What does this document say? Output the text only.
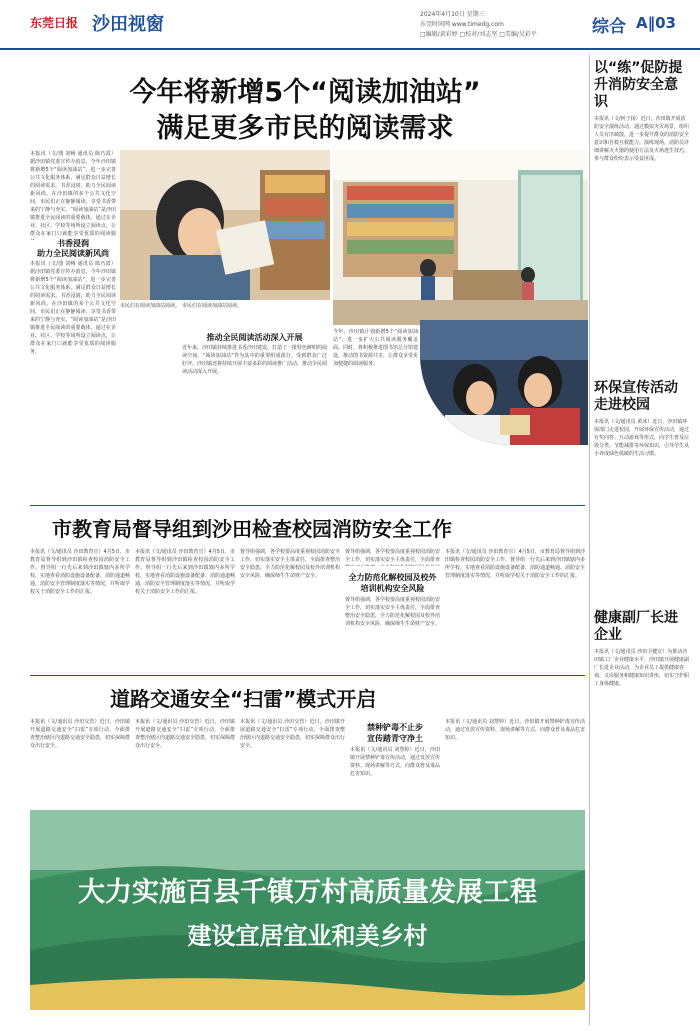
东莞日报 沙田视窗	2024年4月10日 星期三
东莞时间网 www.timedg.com
□编辑/黄彩婷 □校对/刘志坚 □美编/吴彩平	综合 A‖03
今年将新增5个“阅读加油站”
满足更多市民的阅读需求
本报讯（文/图 刘畅 通讯员 陈巧霞）据沙田镇党委宣传办消息，今年沙田镇将新增5个“阅读加油站”，进一步完善公共文化服务体系，满足群众日益增长的阅读需求。书香浸润，助力全民阅读新风尚。在沙田镇的多个公共文化空间，市民们正在静静阅读，享受书香带来的宁静与充实。“阅读加油站”是沙田镇推进全民阅读的重要载体，通过在企业、社区、学校等场所设立阅读点，让群众在家门口就能享受优质的阅读服
书香浸润
助力全民阅读新风尚
本报讯（文/图 刘畅 通讯员 陈巧霞）据沙田镇党委宣传办消息，今年沙田镇将新增5个“阅读加油站”，进一步完善公共文化服务体系，满足群众日益增长的阅读需求。书香浸润，助力全民阅读新风尚。在沙田镇的多个公共文化空间，市民们正在静静阅读，享受书香带来的宁静与充实。“阅读加油站”是沙田镇推进全民阅读的重要载体，通过在企业、社区、学校等场所设立阅读点，让群众在家门口就能享受优质的阅读服务。
市民们在阅读加油站阅读。 市民们在阅读加油站阅读。
推动全民阅读活动深入开展
近年来，沙田镇持续推进书香沙田建设，打造了一批特色鲜明的阅读空间，“阅读加油站”作为其中的重要组成部分，受到群众广泛好评。沙田镇还将持续开展丰富多彩的阅读推广活动，推动全民阅读活动深入开展。
今年，沙田镇计划新增5个“阅读加油站”，进一步扩大公共阅读服务覆盖面。同时，将积极推进图书馆总分馆建设，推动图书资源共享，让群众享受更加便捷的阅读服务。
市教育局督导组到沙田检查校园消防安全工作
本报讯（文/通讯员 沙田教育宣）4月5日，市教育局督导组到沙田镇检查校园消防安全工作。督导组一行先后来到沙田镇辖内多所学校，实地查看消防设施设备配备、消防通道畅通、消防安全管理制度落实等情况，并听取学校关于消防安全工作的汇报。
本报讯（文/通讯员 沙田教育宣）4月5日，市教育局督导组到沙田镇检查校园消防安全工作。督导组一行先后来到沙田镇辖内多所学校，实地查看消防设施设备配备、消防通道畅通、消防安全管理制度落实等情况，并听取学校关于消防安全工作的汇报。
督导组强调，各学校要高度重视校园消防安全工作，切实落实安全主体责任，全面排查整治安全隐患，全力防范化解校园及校外培训机构安全风险，确保师生生命财产安全。
督导组强调，各学校要高度重视校园消防安全工作，切实落实安全主体责任，全面排查
全力防范化解校园及校外
培训机构安全风险
督导组强调，各学校要高度重视校园消防安全工作，切实落实安全主体责任，全面排查整治安全隐患，全力防范化解校园及校外培训机构安全风险，确保师生生命财产安全。
本报讯（文/通讯员 沙田教育宣）4月5日，市教育局督导组到沙田镇检查校园消防安全工作。督导组一行先后来到沙田镇辖内多所学校，实地查看消防设施设备配备、消防通道畅通、消防安全管理制度落实等情况，并听取学校关于消防安全工作的汇报。
道路交通安全“扫雷”模式开启
本报讯（文/通讯员 沙田交管）近日，沙田镇开展道路交通安全“扫雷”专项行动，全面排查整治辖区内道路交通安全隐患，切实保障群众出行安全。
本报讯（文/通讯员 沙田交管）近日，沙田镇开展道路交通安全“扫雷”专项行动，全面排查整治辖区内道路交通安全隐患，切实保障群众出行安全。
本报讯（文/通讯员 沙田交管）近日，沙田镇开展道路交通安全“扫雷”专项行动，全面排查整治辖区内道路交通安全隐患，切实保障群众出行安全。
禁种铲毒不止步
宣传踏青守净土
本报讯（文/通讯员 刘慧婷）近日，沙田镇开展禁种铲毒宣传活动，通过发放宣传资料、现场讲解等方式，向群众普及毒品危害知识。
本报讯（文/通讯员 刘慧婷）近日，沙田镇开展禁种铲毒宣传活动，通过发放宣传资料、现场讲解等方式，向群众普及毒品危害知识。
大力实施百县千镇万村高质量发展工程
建设宜居宜业和美乡村
以“练”促防提升消防安全意识
本报讯（文/何子扬）近日，沙田镇开展消防安全演练活动，通过模拟火灾场景，组织人员有序疏散，进一步提升群众的消防安全意识和自救互救能力。演练现场，消防员详细讲解灭火器的使用方法及火场逃生技巧，参与群众纷纷表示受益匪浅。
环保宣传活动走进校园
本报讯（文/通讯员 黄冰）近日，沙田镇环保部门走进校园，开展环保宣传活动，通过有奖问答、互动游戏等形式，向学生普及垃圾分类、节能减排等环保知识，引导学生从小养成绿色低碳的生活习惯。
健康副厂长进企业
本报讯（文/通讯员 沙田卫健宣）为推动沙田镇工厂企业健康水平，沙田镇开展健康副厂长进企业活动，为企业员工提供健康咨询、义诊服务和健康知识讲座，切实守护职工身体健康。
